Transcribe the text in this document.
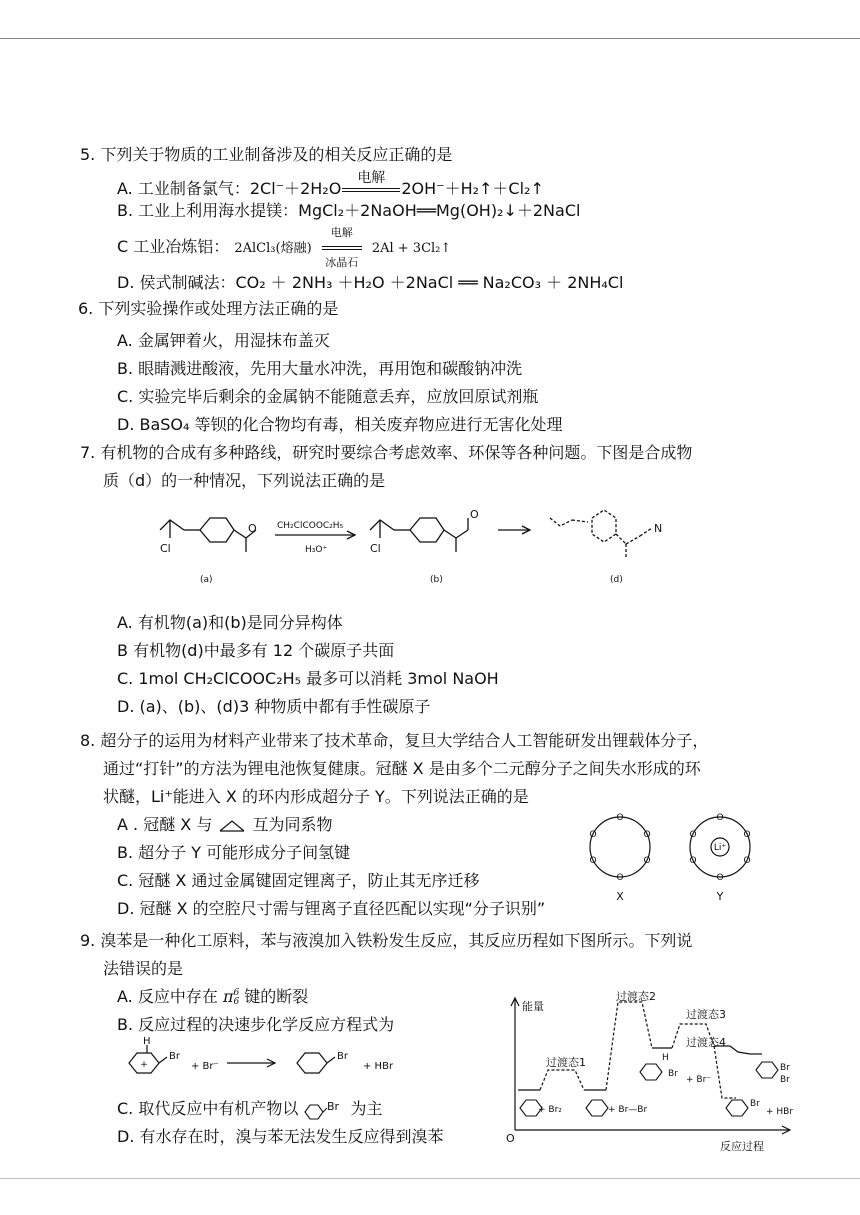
5. 下列关于物质的工业制备涉及的相关反应正确的是
A. 工业制备氯气：2Cl⁻＋2H₂O
电解
2OH⁻＋H₂↑＋Cl₂↑
B. 工业上利用海水提镁：MgCl₂＋2NaOH══Mg(OH)₂↓＋2NaCl
C 工业冶炼铝： 2AlCl₃(熔融)
电解
冰晶石
2Al + 3Cl₂↑
D. 侯式制碱法：CO₂ ＋ 2NH₃ ＋H₂O ＋2NaCl ══ Na₂CO₃ ＋ 2NH₄Cl
6. 下列实验操作或处理方法正确的是
A. 金属钾着火，用湿抹布盖灭
B. 眼睛溅进酸液，先用大量水冲洗，再用饱和碳酸钠冲洗
C. 实验完毕后剩余的金属钠不能随意丢弃，应放回原试剂瓶
D. BaSO₄ 等钡的化合物均有毒，相关废弃物应进行无害化处理
7. 有机物的合成有多种路线，研究时要综合考虑效率、环保等各种问题。下图是合成物
质（d）的一种情况，下列说法正确的是
Cl
O
Cl
O
N
(a)	(b)	(d)
CH₂ClCOOC₂H₅
H₃O⁺
A. 有机物(a)和(b)是同分异构体
B 有机物(d)中最多有 12 个碳原子共面
C. 1mol CH₂ClCOOC₂H₅ 最多可以消耗 3mol NaOH
D. (a)、(b)、(d)3 种物质中都有手性碳原子
8. 超分子的运用为材料产业带来了技术革命，复旦大学结合人工智能研发出锂载体分子，
通过“打针”的方法为锂电池恢复健康。冠醚 X 是由多个二元醇分子之间失水形成的环
状醚，Li⁺能进入 X 的环内形成超分子 Y。下列说法正确的是
A . 冠醚 X 与	互为同系物
B. 超分子 Y 可能形成分子间氢键
C. 冠醚 X 通过金属键固定锂离子，防止其无序迁移
D. 冠醚 X 的空腔尺寸需与锂离子直径匹配以实现“分子识别”
O
O
O
O
O
O
O
O
O
O
O
O
Li⁺
X	Y
9. 溴苯是一种化工原料，苯与液溴加入铁粉发生反应，其反应历程如下图所示。下列说
法错误的是
A. 反应中存在 π6
6 键的断裂
B. 反应过程的决速步化学反应方程式为
+
H
Br
+ Br⁻
Br
+ HBr
C. 取代反应中有机产物以	Br 为主
D. 有水存在时，溴与苯无法发生反应得到溴苯
能量
反应过程
O
过渡态1
过渡态2
过渡态3
过渡态4
+ Br₂	+ Br—Br
Br
H
+ Br⁻
Br
+ HBr
Br
Br
